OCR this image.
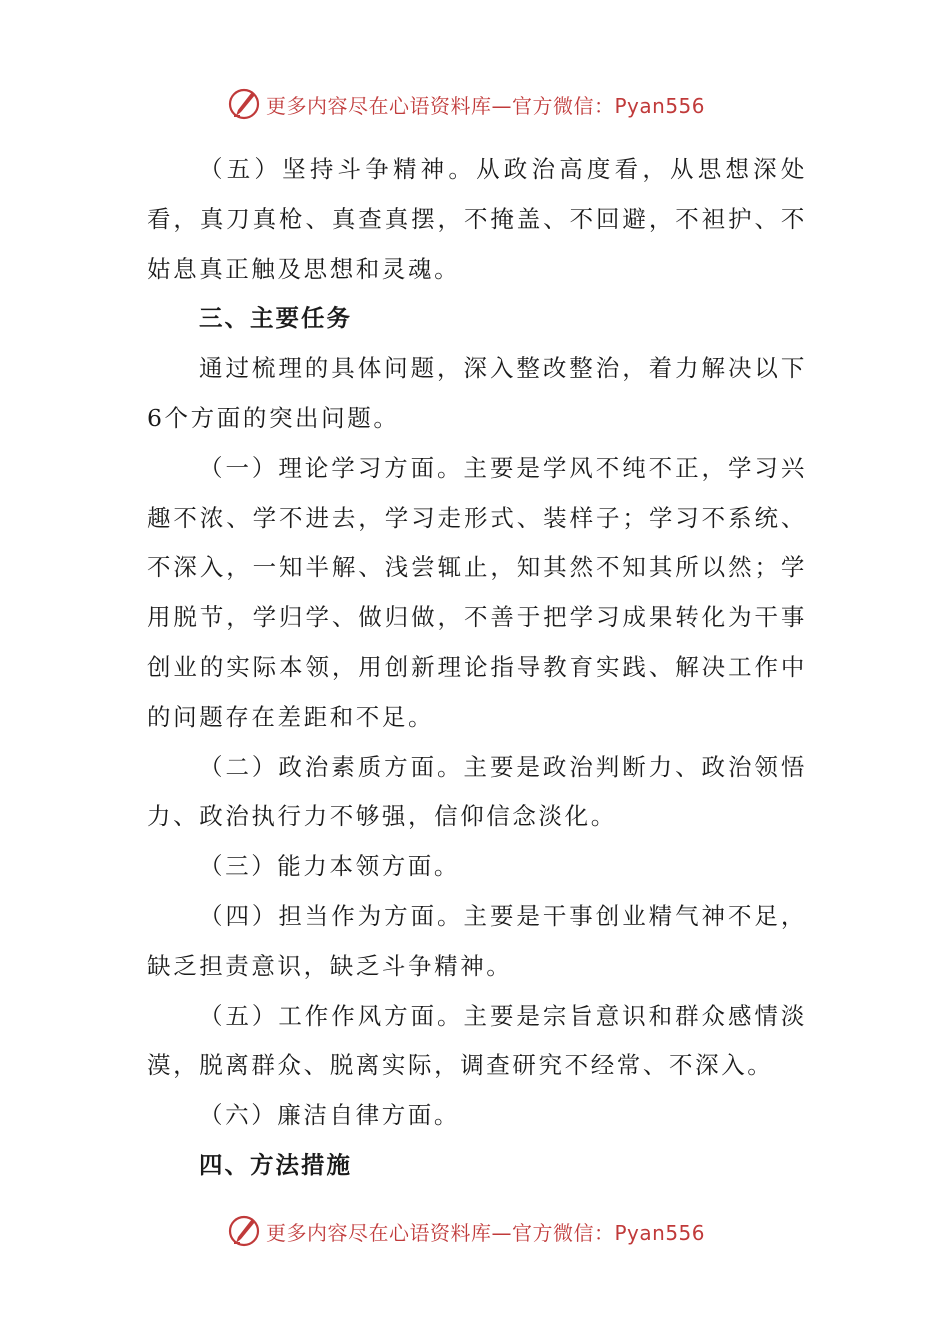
更多内容尽在心语资料库—官方微信：Pyan556

（五）坚持斗争精神。从政治高度看，从思想深处看，真刀真枪、真查真摆，不掩盖、不回避，不袒护、不姑息真正触及思想和灵魂。

三、主要任务

通过梳理的具体问题，深入整改整治，着力解决以下6个方面的突出问题。

（一）理论学习方面。主要是学风不纯不正，学习兴趣不浓、学不进去，学习走形式、装样子；学习不系统、不深入，一知半解、浅尝辄止，知其然不知其所以然；学用脱节，学归学、做归做，不善于把学习成果转化为干事创业的实际本领，用创新理论指导教育实践、解决工作中的问题存在差距和不足。

（二）政治素质方面。主要是政治判断力、政治领悟力、政治执行力不够强，信仰信念淡化。

（三）能力本领方面。

（四）担当作为方面。主要是干事创业精气神不足，缺乏担责意识，缺乏斗争精神。

（五）工作作风方面。主要是宗旨意识和群众感情淡漠，脱离群众、脱离实际，调查研究不经常、不深入。

（六）廉洁自律方面。

四、方法措施

更多内容尽在心语资料库—官方微信：Pyan556
